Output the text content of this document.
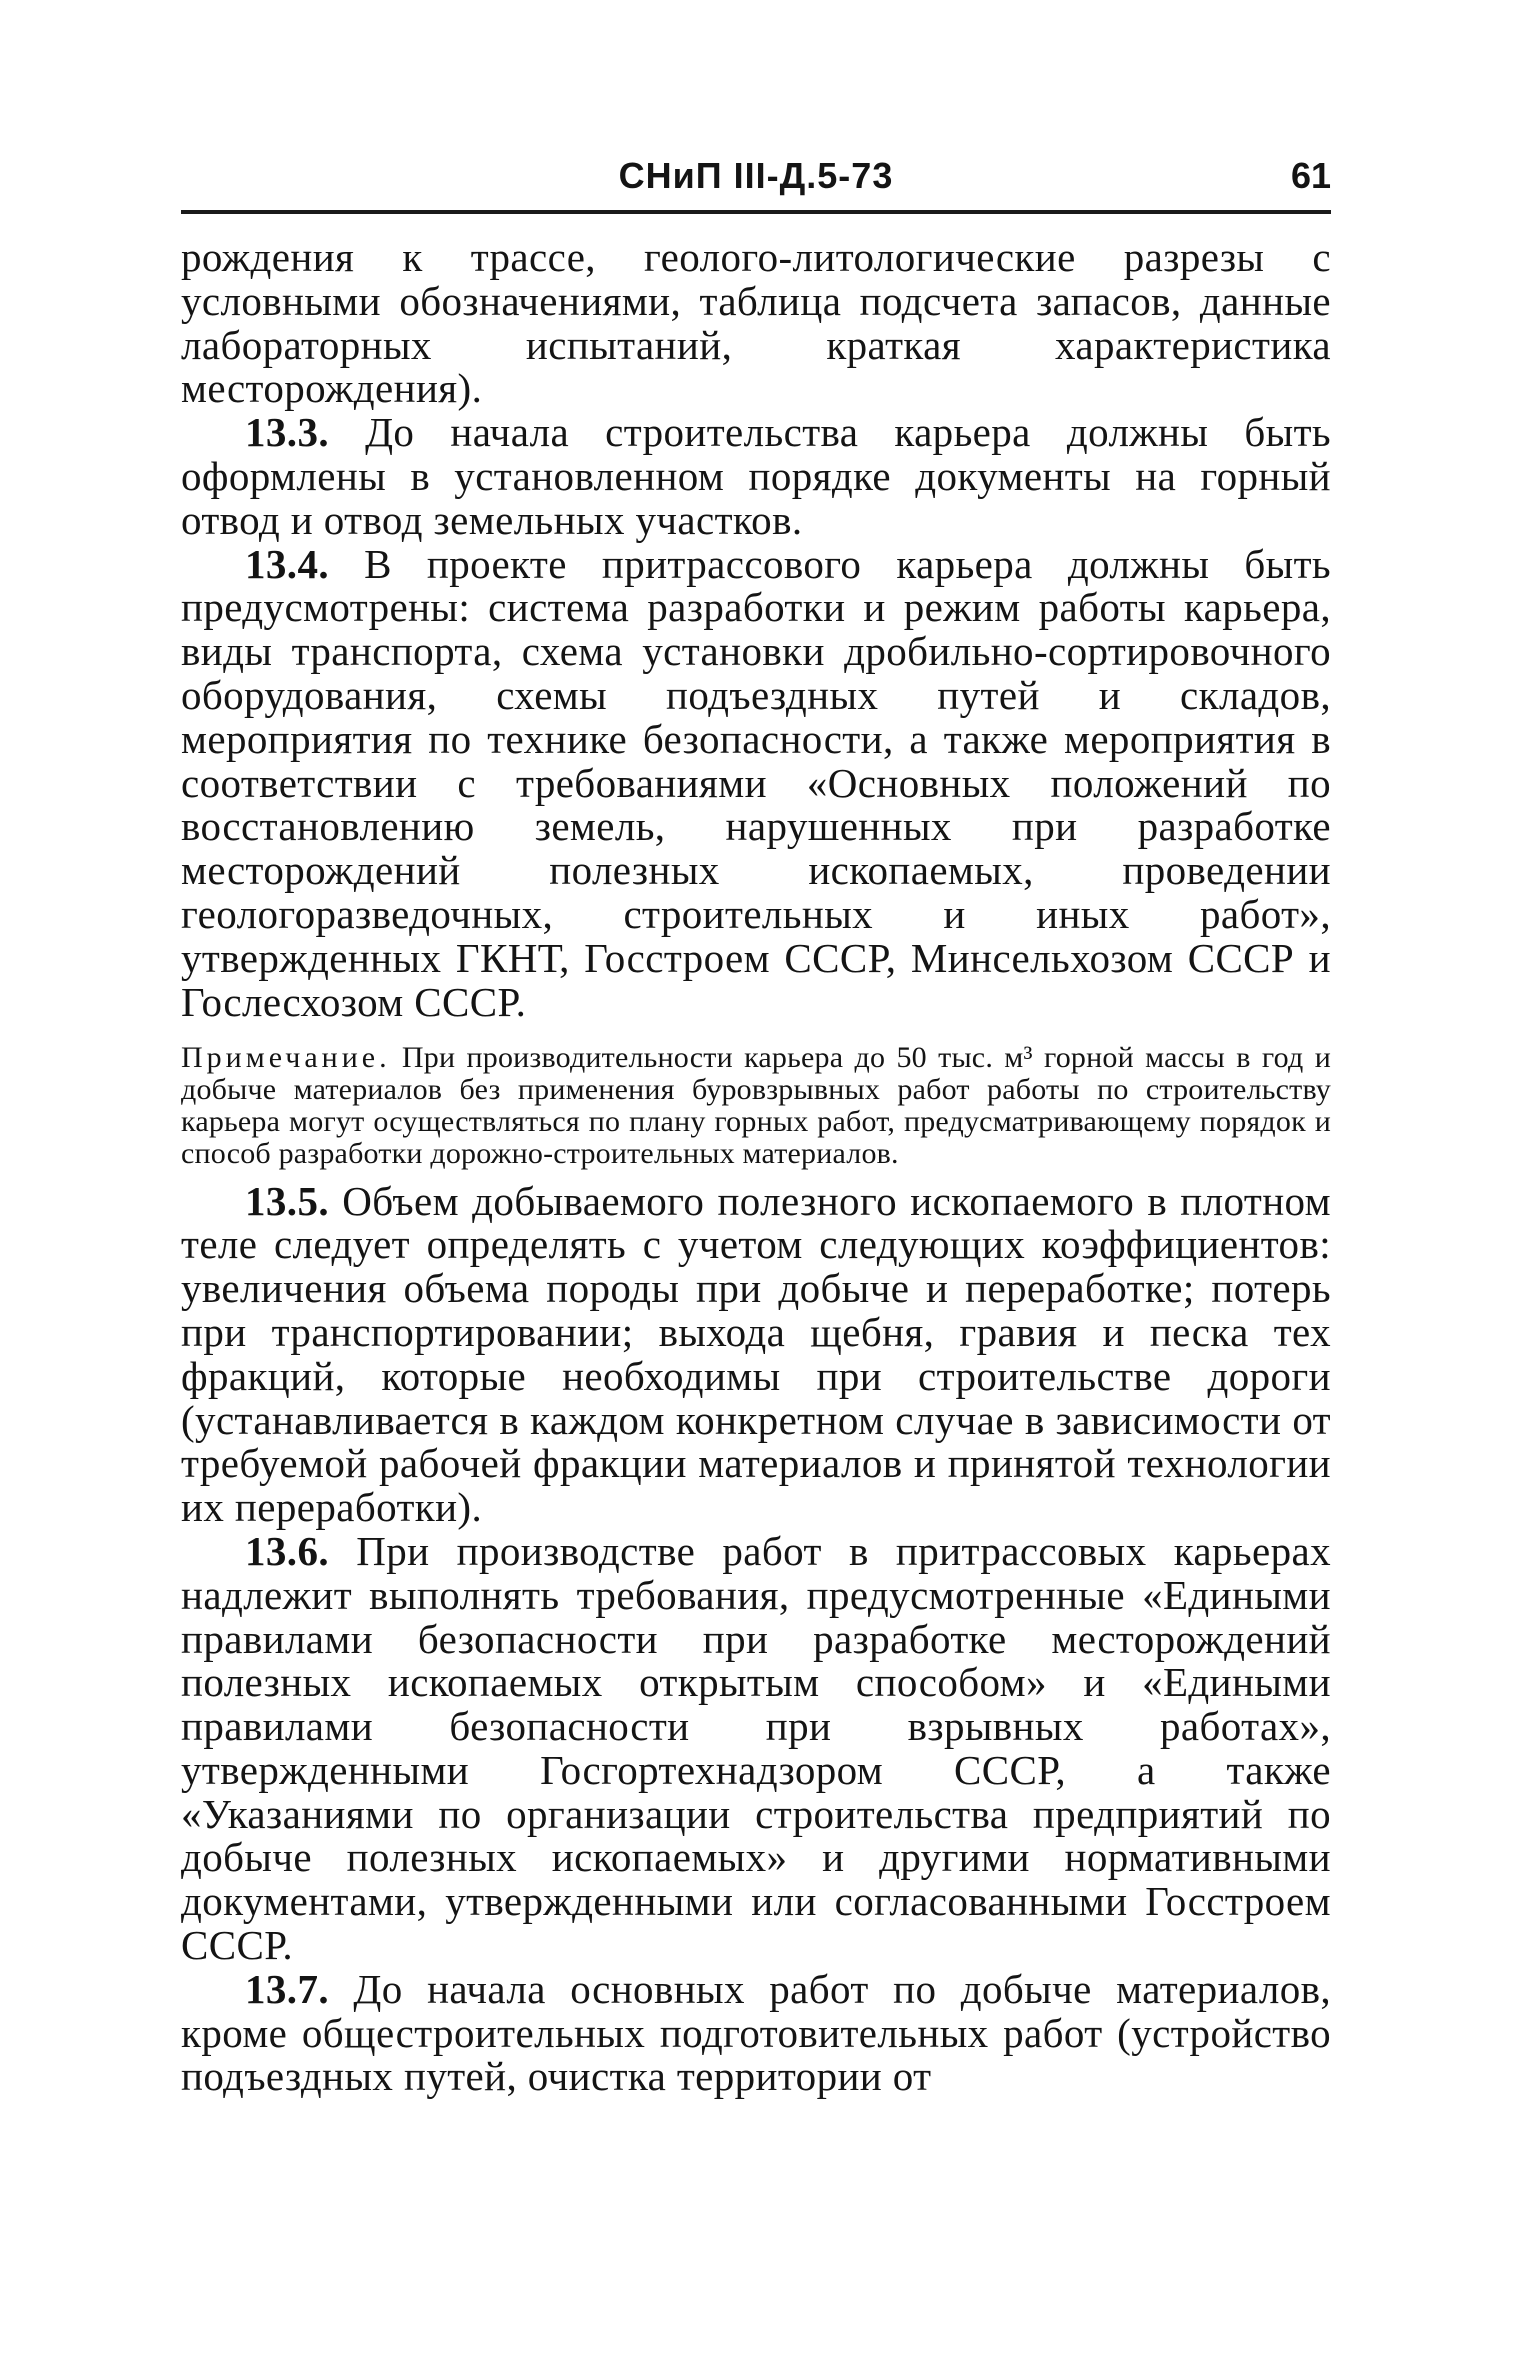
СНиП III-Д.5-73	61

рождения к трассе, геолого-литологические разрезы с условными обозначениями, таблица подсчета запасов, данные лабораторных испытаний, краткая характеристика месторождения).

13.3. До начала строительства карьера должны быть оформлены в установленном порядке документы на горный отвод и отвод земельных участков.

13.4. В проекте притрассового карьера должны быть предусмотрены: система разработки и режим работы карьера, виды транспорта, схема установки дробильно-сортировочного оборудования, схемы подъездных путей и складов, мероприятия по технике безопасности, а также мероприятия в соответствии с требованиями «Основных положений по восстановлению земель, нарушенных при разработке месторождений полезных ископаемых, проведении геологоразведочных, строительных и иных работ», утвержденных ГКНТ, Госстроем СССР, Минсельхозом СССР и Гослесхозом СССР.

Примечание. При производительности карьера до 50 тыс. м³ горной массы в год и добыче материалов без применения буровзрывных работ работы по строительству карьера могут осуществляться по плану горных работ, предусматривающему порядок и способ разработки дорожно-строительных материалов.

13.5. Объем добываемого полезного ископаемого в плотном теле следует определять с учетом следующих коэффициентов: увеличения объема породы при добыче и переработке; потерь при транспортировании; выхода щебня, гравия и песка тех фракций, которые необходимы при строительстве дороги (устанавливается в каждом конкретном случае в зависимости от требуемой рабочей фракции материалов и принятой технологии их переработки).

13.6. При производстве работ в притрассовых карьерах надлежит выполнять требования, предусмотренные «Едиными правилами безопасности при разработке месторождений полезных ископаемых открытым способом» и «Едиными правилами безопасности при взрывных работах», утвержденными Госгортехнадзором СССР, а также «Указаниями по организации строительства предприятий по добыче полезных ископаемых» и другими нормативными документами, утвержденными или согласованными Госстроем СССР.

13.7. До начала основных работ по добыче материалов, кроме общестроительных подготовительных работ (устройство подъездных путей, очистка территории от
